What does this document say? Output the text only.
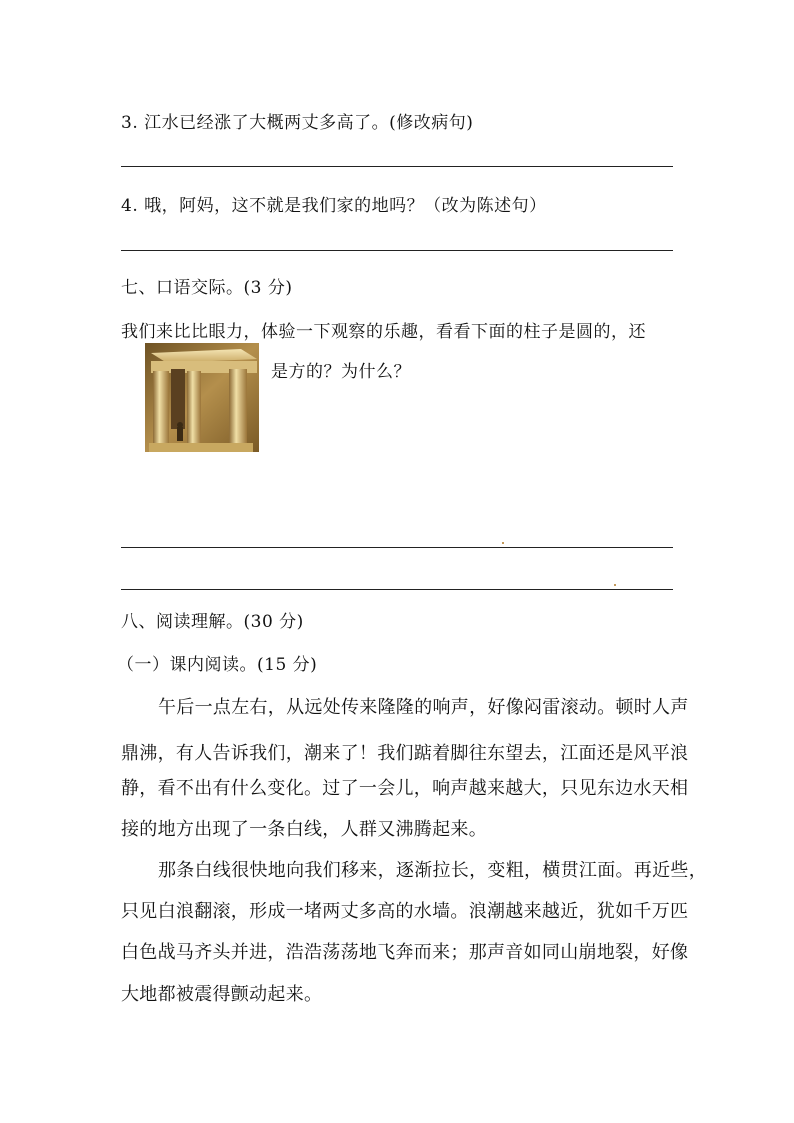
3. 江水已经涨了大概两丈多高了。(修改病句)
4. 哦，阿妈，这不就是我们家的地吗？（改为陈述句）
七、口语交际。(3 分)
我们来比比眼力，体验一下观察的乐趣，看看下面的柱子是圆的，还
是方的？为什么？
八、阅读理解。(30 分)
（一）课内阅读。(15 分)
午后一点左右，从远处传来隆隆的响声，好像闷雷滚动。顿时人声
鼎沸，有人告诉我们，潮来了！我们踮着脚往东望去，江面还是风平浪
静，看不出有什么变化。过了一会儿，响声越来越大，只见东边水天相
接的地方出现了一条白线，人群又沸腾起来。
那条白线很快地向我们移来，逐渐拉长，变粗，横贯江面。再近些，
只见白浪翻滚，形成一堵两丈多高的水墙。浪潮越来越近，犹如千万匹
白色战马齐头并进，浩浩荡荡地飞奔而来；那声音如同山崩地裂，好像
大地都被震得颤动起来。
